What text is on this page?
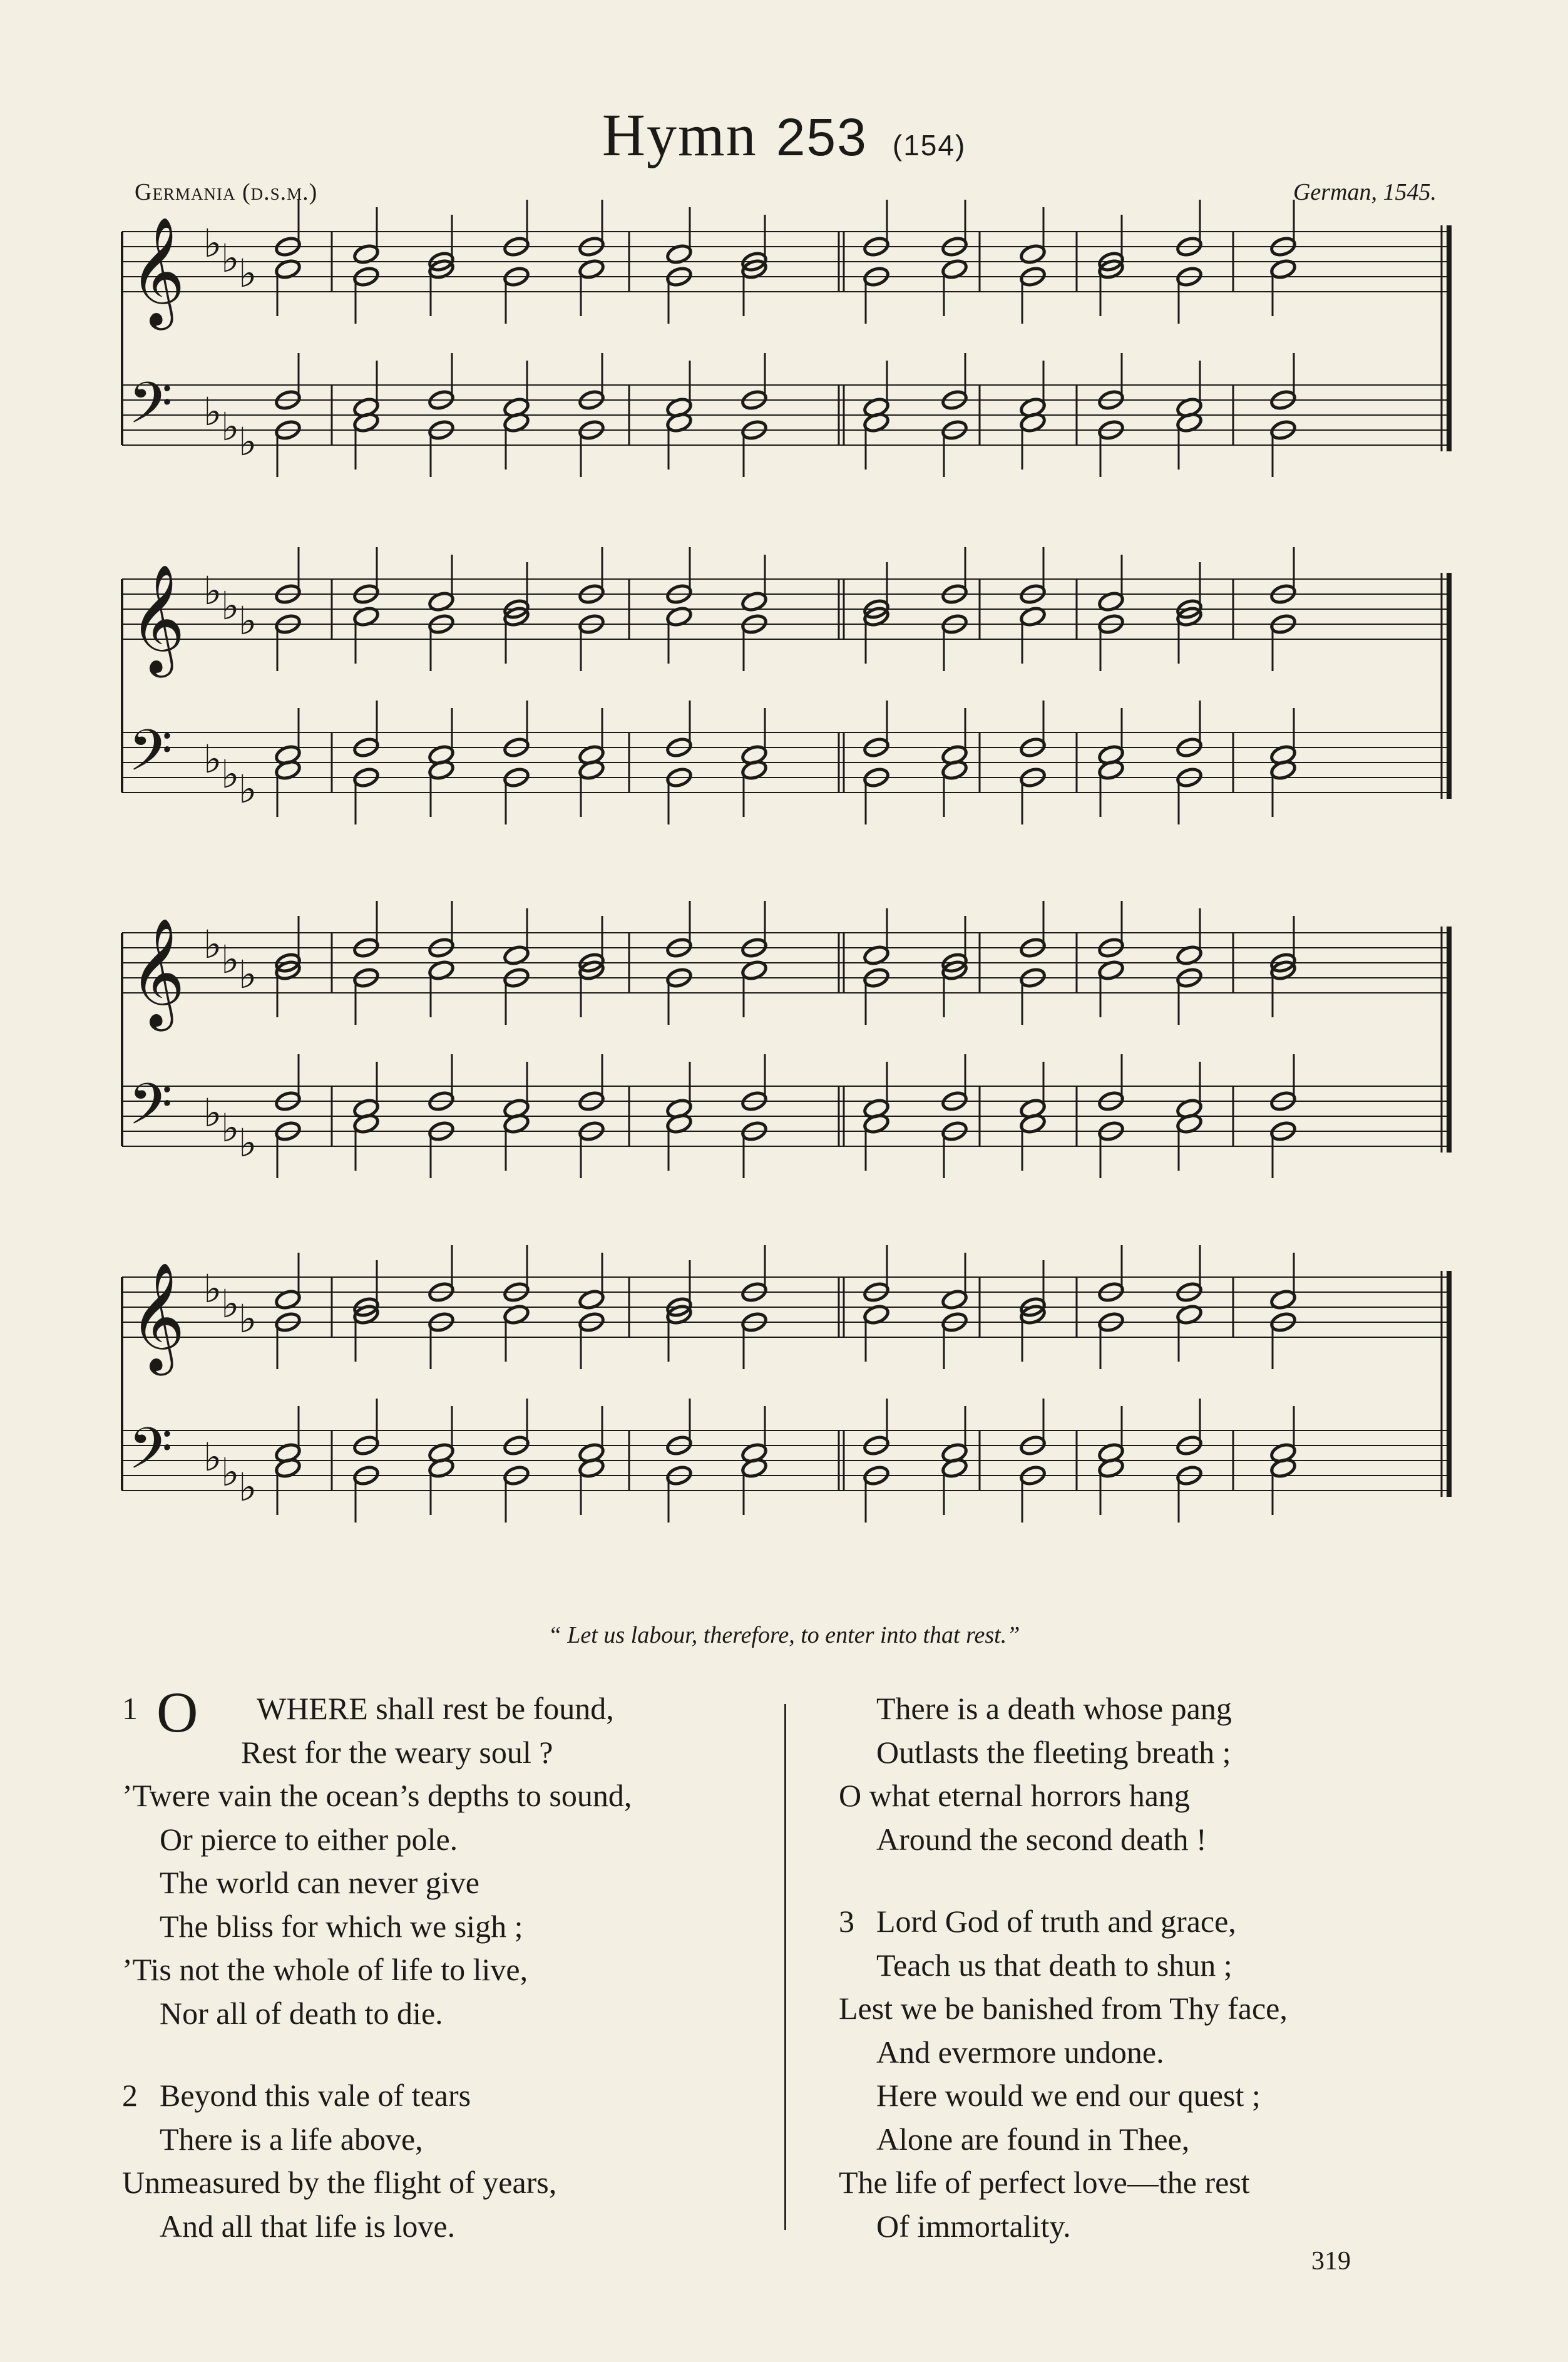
Hymn 253 (154)
Germania (d.s.m.)	German, 1545.
𝄞
𝄢
♭
♭
♭
♭
♭
♭
𝄞
𝄢
♭
♭
♭
♭
♭
♭
𝄞
𝄢
♭
♭
♭
♭
♭
♭
𝄞
𝄢
♭
♭
♭
♭
♭
♭
“ Let us labour, therefore, to enter into that rest.”
1 O WHERE shall rest be found,
Rest for the weary soul ?
’Twere vain the ocean’s depths to sound,
Or pierce to either pole.
The world can never give
The bliss for which we sigh ;
’Tis not the whole of life to live,
Nor all of death to die.
2 Beyond this vale of tears
There is a life above,
Unmeasured by the flight of years,
And all that life is love.
There is a death whose pang
Outlasts the fleeting breath ;
O what eternal horrors hang
Around the second death !
3 Lord God of truth and grace,
Teach us that death to shun ;
Lest we be banished from Thy face,
And evermore undone.
Here would we end our quest ;
Alone are found in Thee,
The life of perfect love—the rest
Of immortality.
319
